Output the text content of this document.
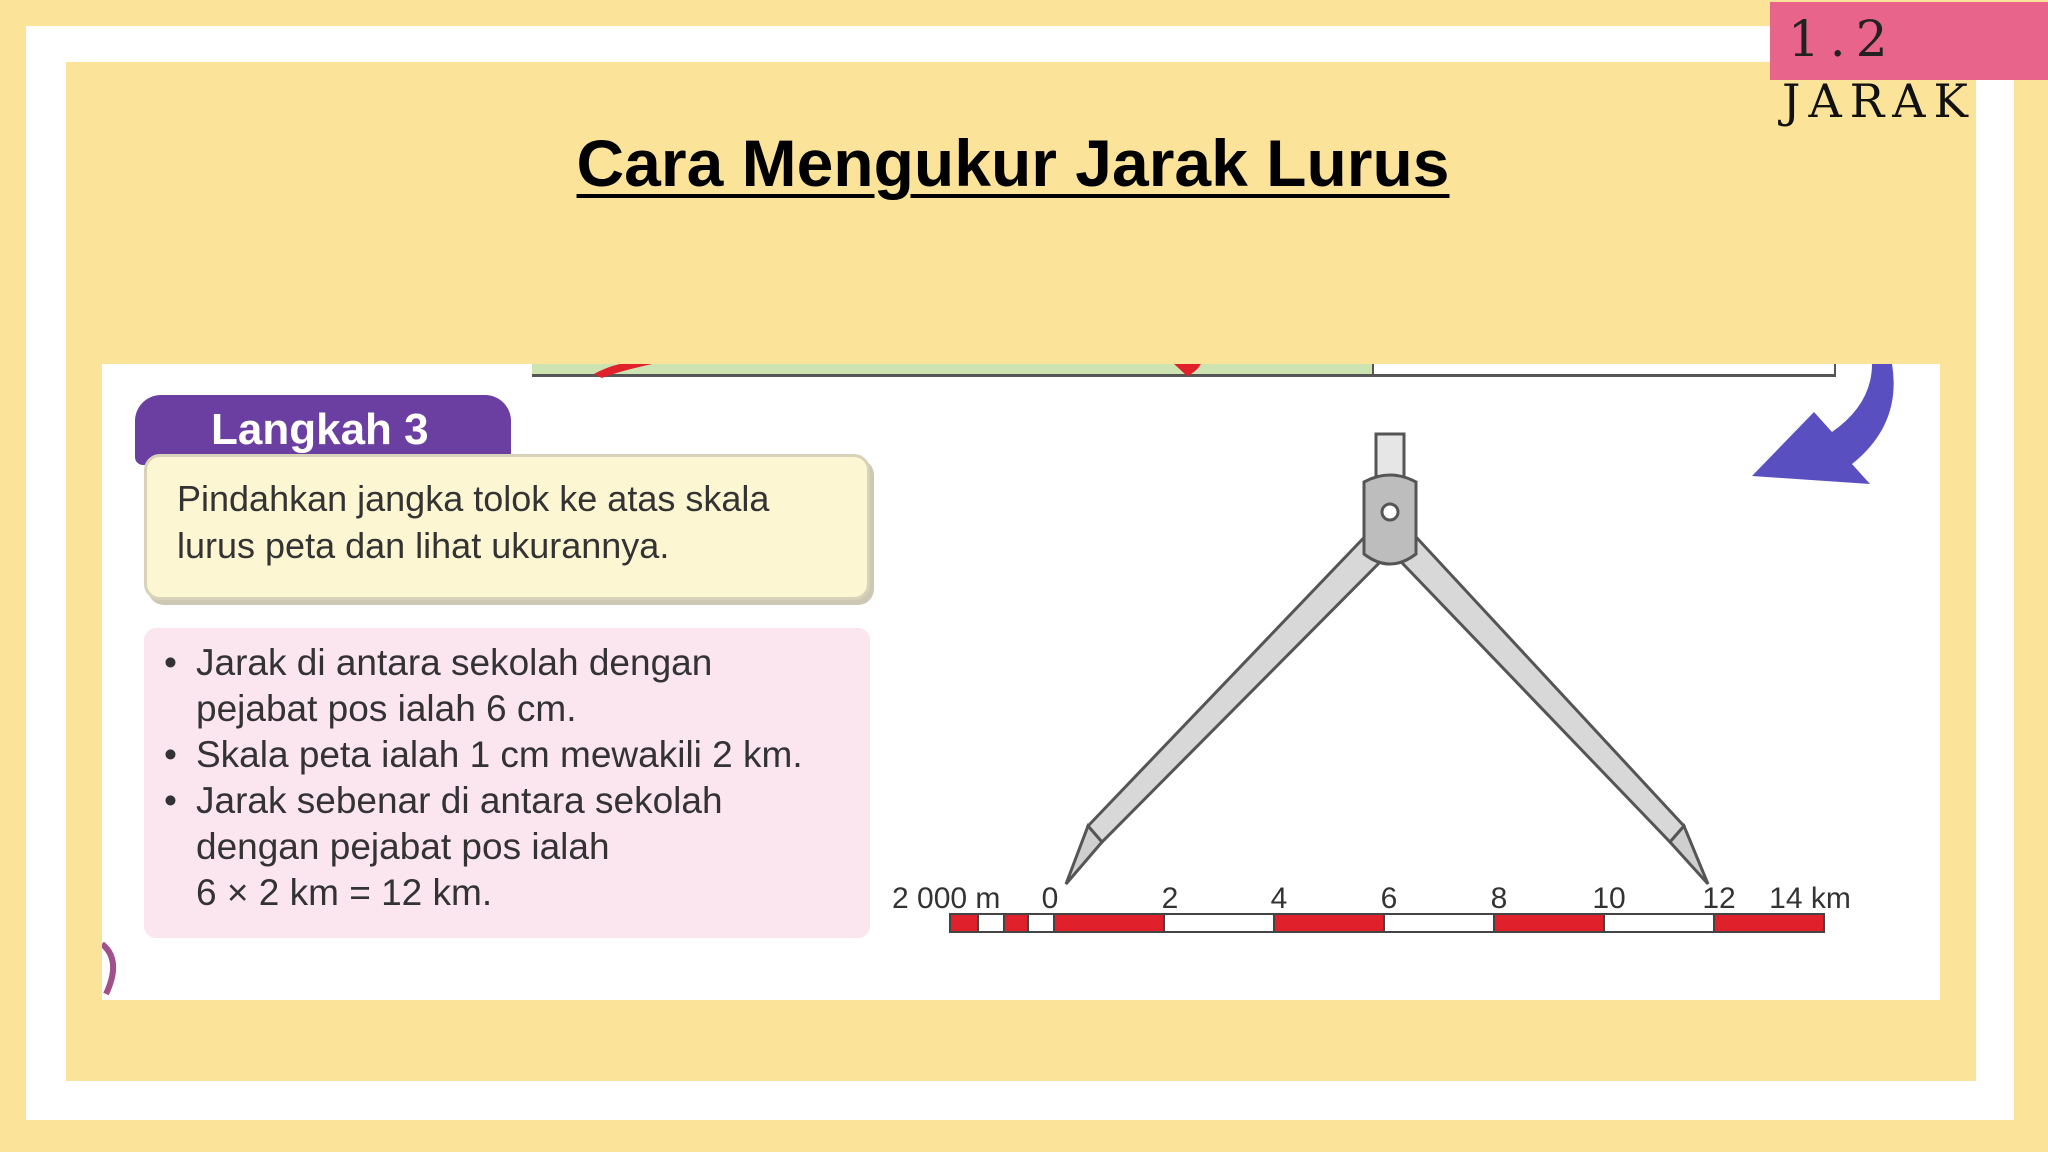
1.2
JARAK
Cara Mengukur Jarak Lurus
2 000 m 0	2	4	6	8	10	12 14 km
Langkah 3
Pindahkan jangka tolok ke atas skala lurus peta dan lihat ukurannya.
• Jarak di antara sekolah dengan
pejabat pos ialah 6 cm.
• Skala peta ialah 1 cm mewakili 2 km.
• Jarak sebenar di antara sekolah
dengan pejabat pos ialah
6 × 2 km = 12 km.
